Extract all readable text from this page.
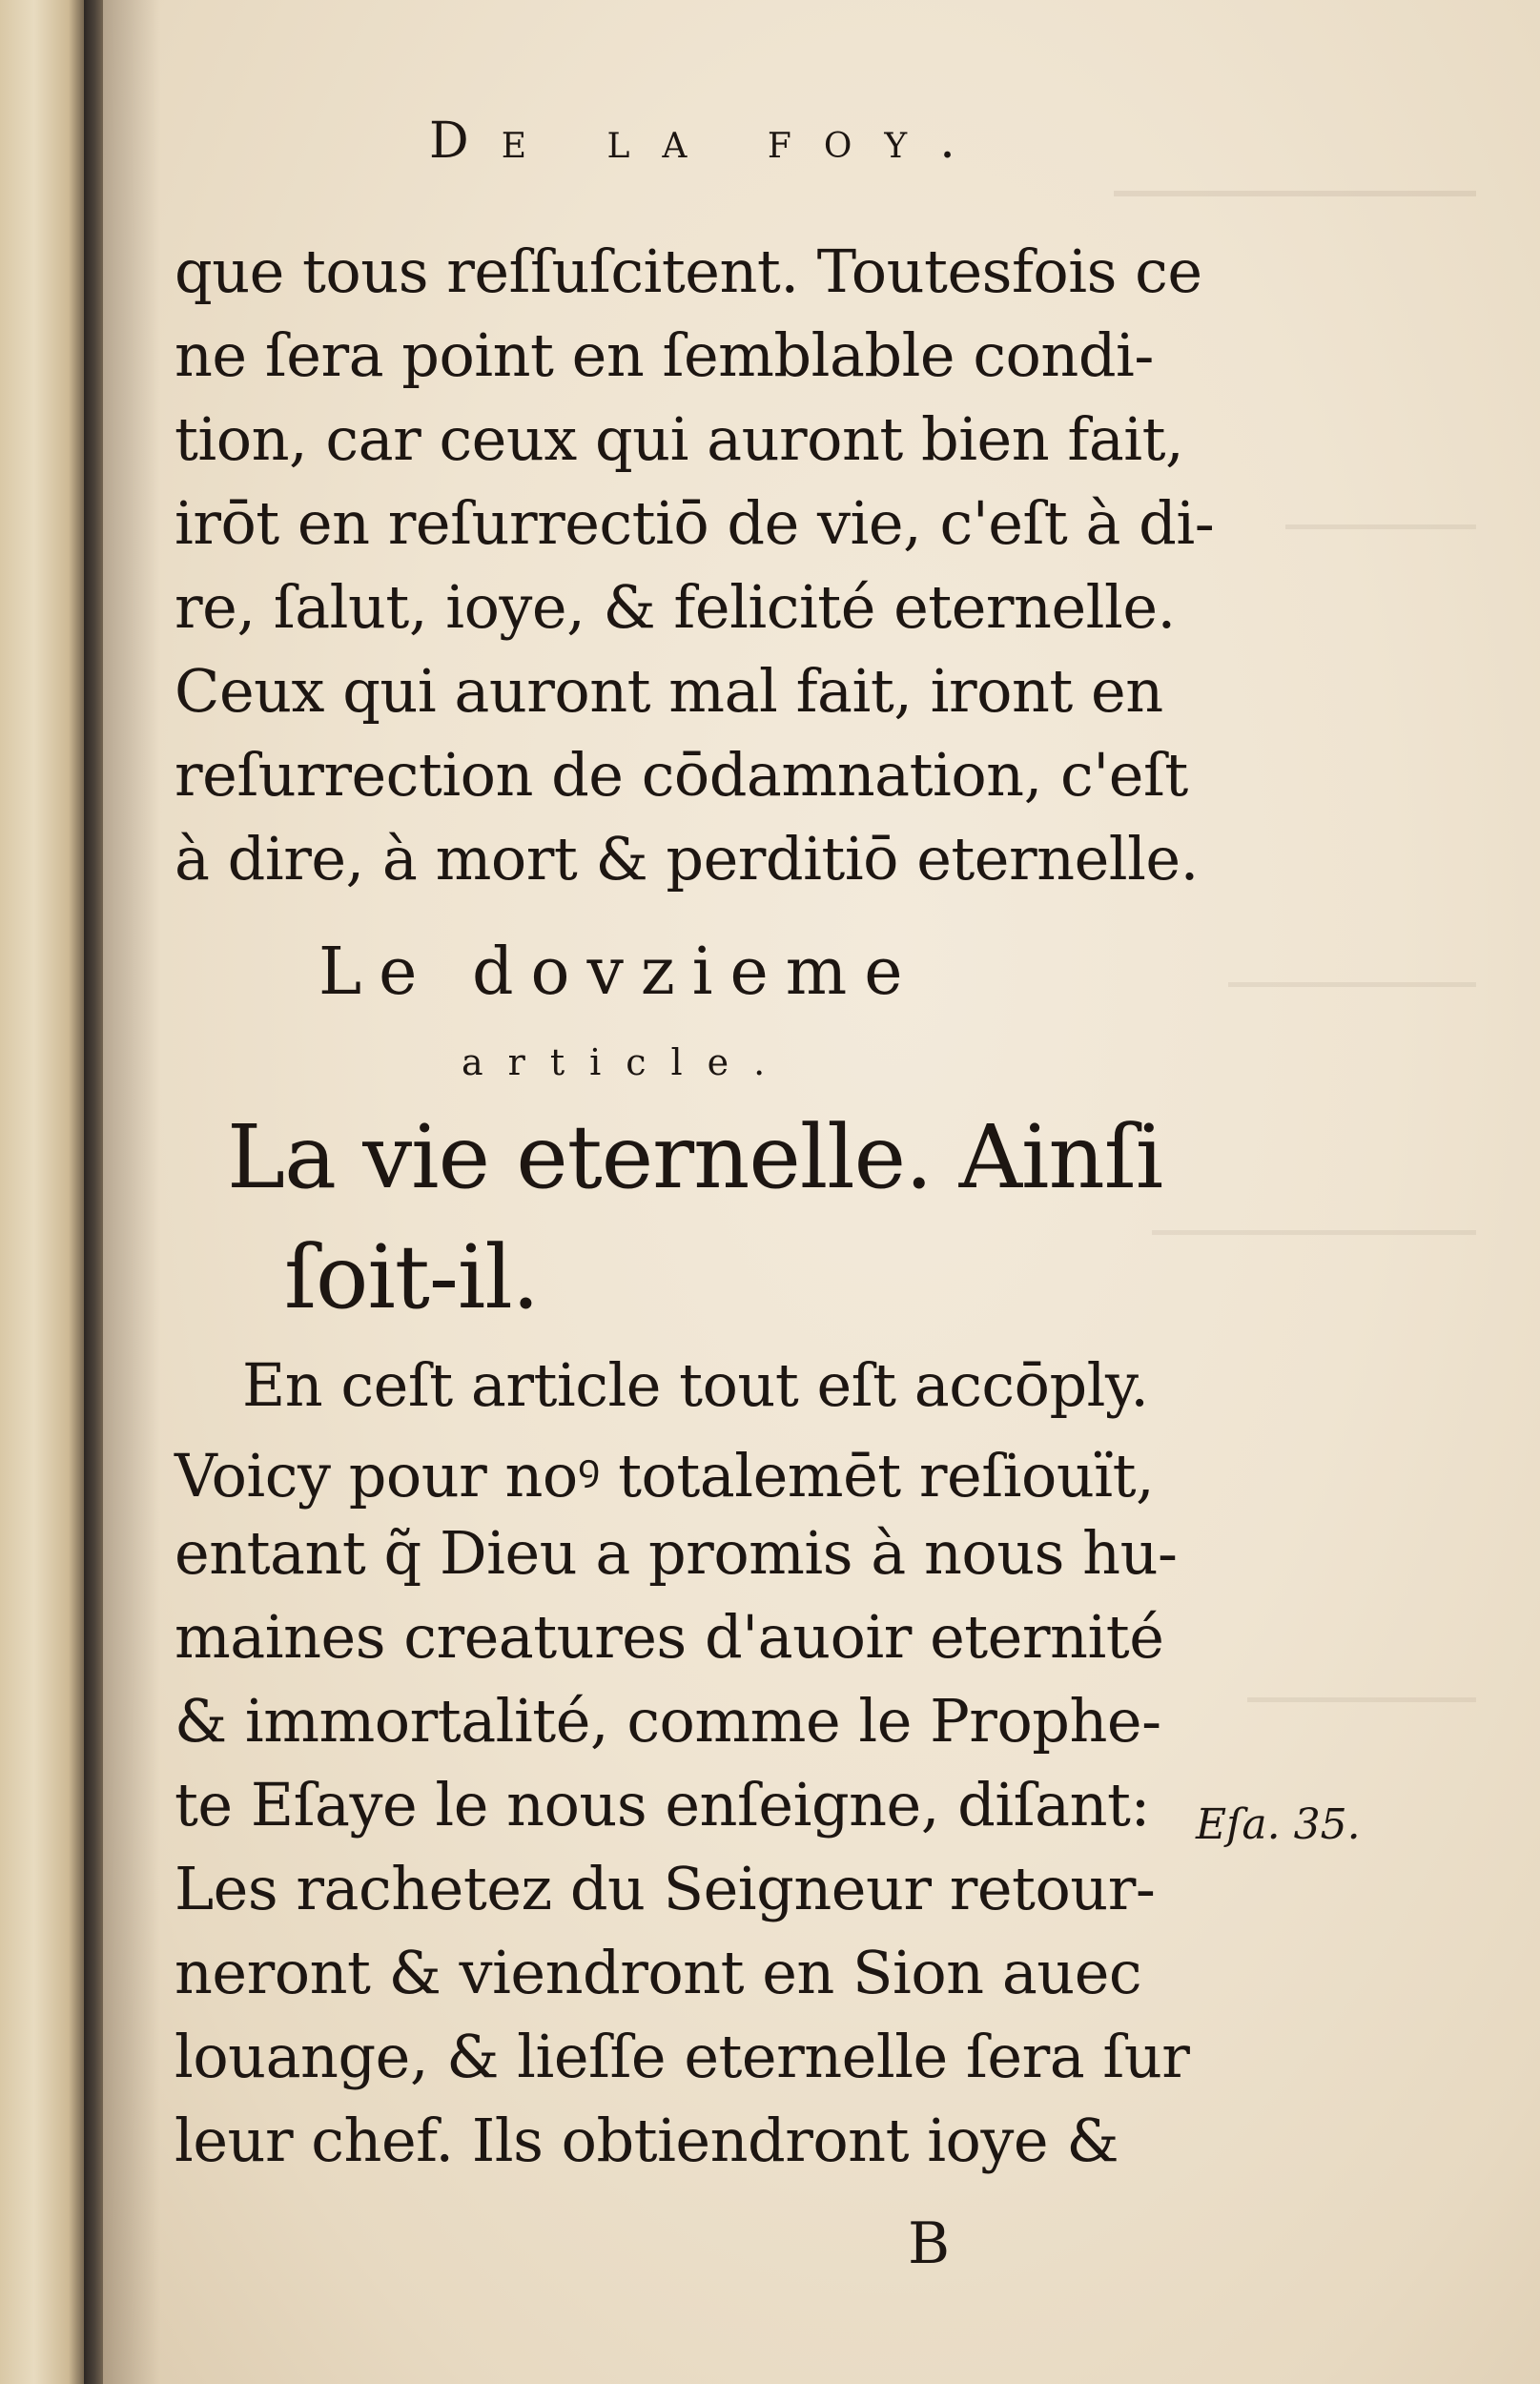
De la foy.
que tous reſſuſcitent. Toutesfois ce
ne ſera point en ſemblable condi-
tion, car ceux qui auront bien fait,
irōt en reſurrectiō de vie, c'eſt à di-
re, ſalut, ioye, & felicité eternelle.
Ceux qui auront mal fait, iront en
reſurrection de cōdamnation, c'eſt
à dire, à mort & perditiō eternelle.
Le dovzieme
article.
La vie eternelle. Ainſi
ſoit-il.
En ceſt article tout eſt accōply.
Voicy pour noꝰ totalemēt reſiouït,
entant q̃ Dieu a promis à nous hu-
maines creatures d'auoir eternité
& immortalité, comme le Prophe-
te Eſaye le nous enſeigne, diſant:
Les rachetez du Seigneur retour-
neront & viendront en Sion auec
louange, & lieſſe eternelle ſera ſur
leur chef. Ils obtiendront ioye &
Eſa. 35.
B
